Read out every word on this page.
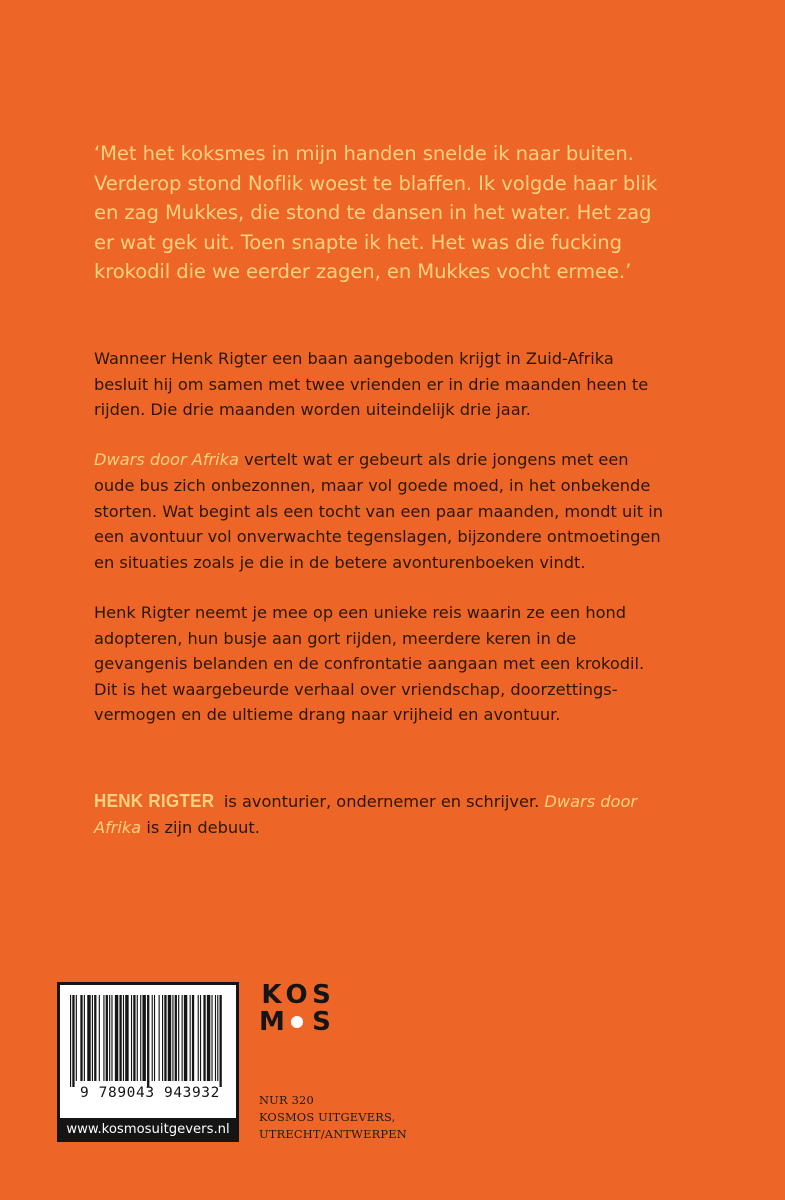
‘Met het koksmes in mijn handen snelde ik naar buiten.

Verderop stond Noflik woest te blaffen. Ik volgde haar blik

en zag Mukkes, die stond te dansen in het water. Het zag

er wat gek uit. Toen snapte ik het. Het was die fucking

krokodil die we eerder zagen, en Mukkes vocht ermee.’

Wanneer Henk Rigter een baan aangeboden krijgt in Zuid-Afrika

besluit hij om samen met twee vrienden er in drie maanden heen te

rijden. Die drie maanden worden uiteindelijk drie jaar.

Dwars door Afrika vertelt wat er gebeurt als drie jongens met een

oude bus zich onbezonnen, maar vol goede moed, in het onbekende

storten. Wat begint als een tocht van een paar maanden, mondt uit in

een avontuur vol onverwachte tegenslagen, bijzondere ontmoetingen

en situaties zoals je die in de betere avonturenboeken vindt.

Henk Rigter neemt je mee op een unieke reis waarin ze een hond

adopteren, hun busje aan gort rijden, meerdere keren in de

gevangenis belanden en de confrontatie aangaan met een krokodil.

Dit is het waargebeurde verhaal over vriendschap, doorzettings-

vermogen en de ultieme drang naar vrijheid en avontuur.

HENK RIGTER is avonturier, ondernemer en schrijver. Dwars door

Afrika is zijn debuut.

9 789043 943932
www.kosmosuitgevers.nl
K O S
M S

NUR 320

KOSMOS UITGEVERS,

UTRECHT/ANTWERPEN
